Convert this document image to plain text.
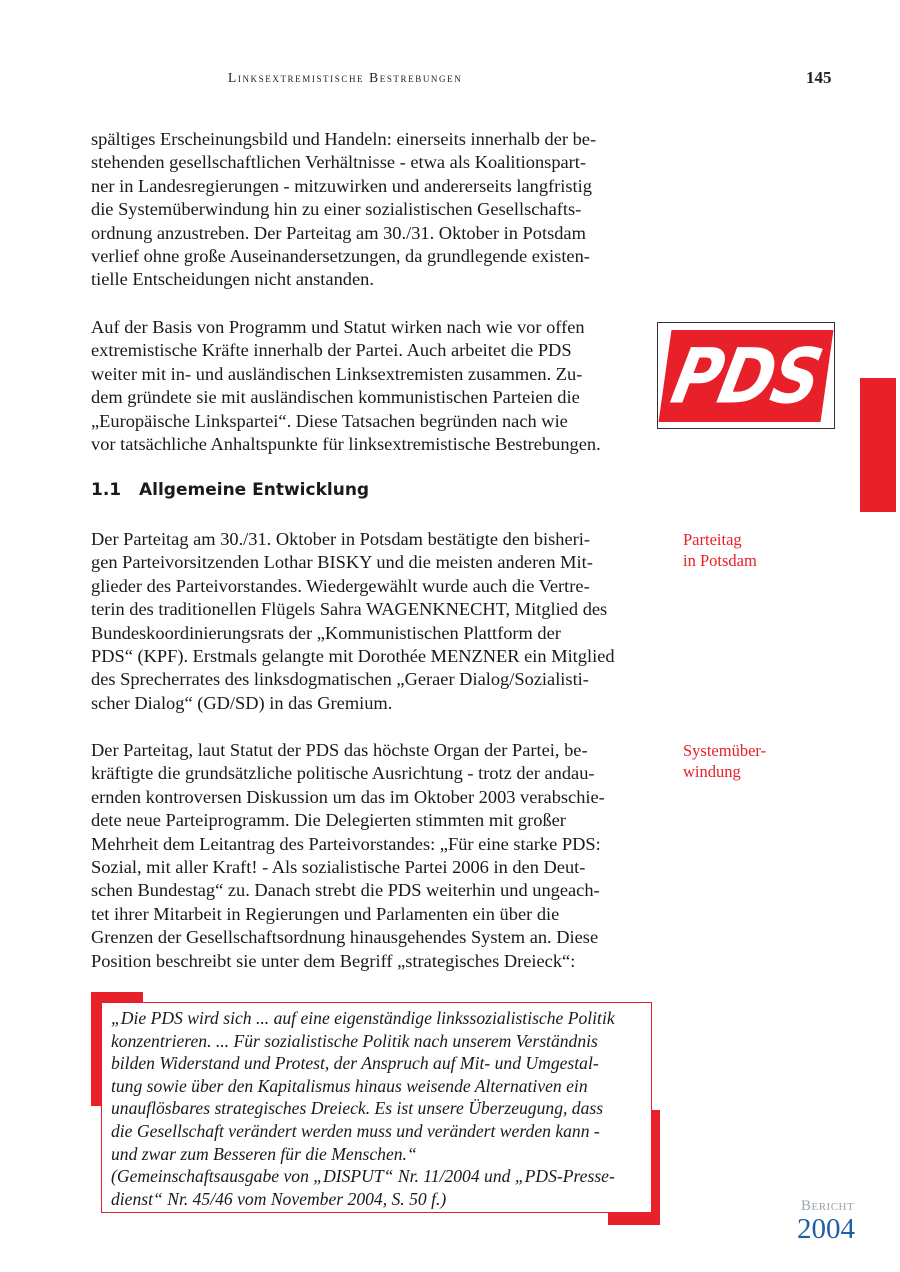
Linksextremistische Bestrebungen	145
spältiges Erscheinungsbild und Handeln: einerseits innerhalb der be-
stehenden gesellschaftlichen Verhältnisse - etwa als Koalitionspart-
ner in Landesregierungen - mitzuwirken und andererseits langfristig
die Systemüberwindung hin zu einer sozialistischen Gesellschafts-
ordnung anzustreben. Der Parteitag am 30./31. Oktober in Potsdam
verlief ohne große Auseinandersetzungen, da grundlegende existen-
tielle Entscheidungen nicht anstanden.
Auf der Basis von Programm und Statut wirken nach wie vor offen
extremistische Kräfte innerhalb der Partei. Auch arbeitet die PDS
weiter mit in- und ausländischen Linksextremisten zusammen. Zu-
dem gründete sie mit ausländischen kommunistischen Parteien die
„Europäische Linkspartei“. Diese Tatsachen begründen nach wie
vor tatsächliche Anhaltspunkte für linksextremistische Bestrebungen.
PDS
1.1 Allgemeine Entwicklung
Der Parteitag am 30./31. Oktober in Potsdam bestätigte den bisheri-
gen Parteivorsitzenden Lothar BISKY und die meisten anderen Mit-
glieder des Parteivorstandes. Wiedergewählt wurde auch die Vertre-
terin des traditionellen Flügels Sahra WAGENKNECHT, Mitglied des
Bundeskoordinierungsrats der „Kommunistischen Plattform der
PDS“ (KPF). Erstmals gelangte mit Dorothée MENZNER ein Mitglied
des Sprecherrates des linksdogmatischen „Geraer Dialog/Sozialisti-
scher Dialog“ (GD/SD) in das Gremium.
Parteitag
in Potsdam
Der Parteitag, laut Statut der PDS das höchste Organ der Partei, be-
kräftigte die grundsätzliche politische Ausrichtung - trotz der andau-
ernden kontroversen Diskussion um das im Oktober 2003 verabschie-
dete neue Parteiprogramm. Die Delegierten stimmten mit großer
Mehrheit dem Leitantrag des Parteivorstandes: „Für eine starke PDS:
Sozial, mit aller Kraft! - Als sozialistische Partei 2006 in den Deut-
schen Bundestag“ zu. Danach strebt die PDS weiterhin und ungeach-
tet ihrer Mitarbeit in Regierungen und Parlamenten ein über die
Grenzen der Gesellschaftsordnung hinausgehendes System an. Diese
Position beschreibt sie unter dem Begriff „strategisches Dreieck“:
Systemüber-
windung
„Die PDS wird sich ... auf eine eigenständige linkssozialistische Politik
konzentrieren. ... Für sozialistische Politik nach unserem Verständnis
bilden Widerstand und Protest, der Anspruch auf Mit- und Umgestal-
tung sowie über den Kapitalismus hinaus weisende Alternativen ein
unauflösbares strategisches Dreieck. Es ist unsere Überzeugung, dass
die Gesellschaft verändert werden muss und verändert werden kann -
und zwar zum Besseren für die Menschen.“
(Gemeinschaftsausgabe von „DISPUT“ Nr. 11/2004 und „PDS-Presse-
dienst“ Nr. 45/46 vom November 2004, S. 50 f.)	Bericht
2004
